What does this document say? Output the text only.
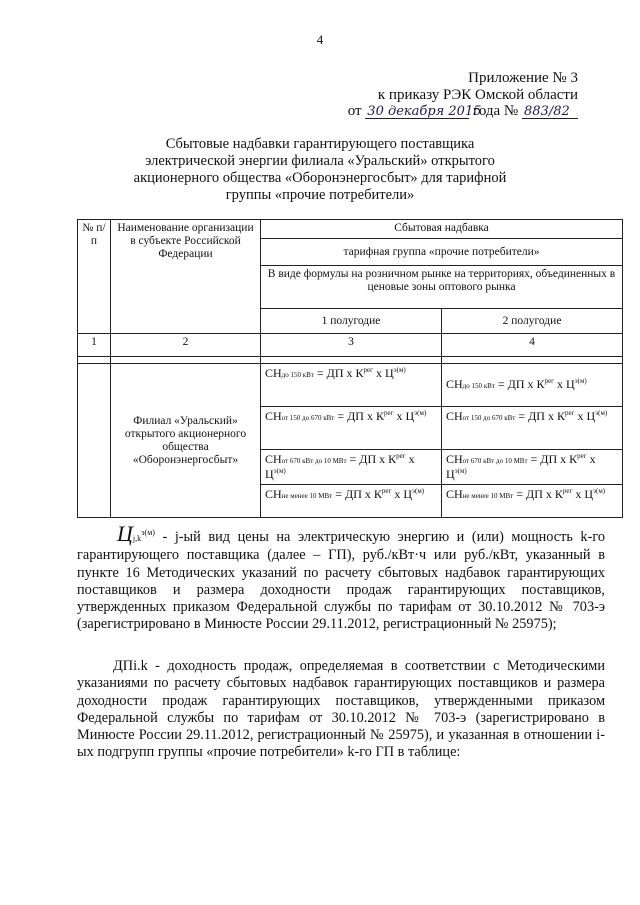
4
Приложение № 3
к приказу РЭК Омской области
от 30 декабря 2015 года № 883/82
Сбытовые надбавки гарантирующего поставщика электрической энергии филиала «Уральский» открытого акционерного общества «Оборонэнергосбыт» для тарифной группы «прочие потребители»
№ п/п	Наименование организации в субъекте Российской Федерации	Сбытовая надбавка	
		тарифная группа «прочие потребители»	
		В виде формулы на розничном рынке на территориях, объединенных в ценовые зоны оптового рынка	
		1 полугодие	2 полугодие
1	2	3	4

	Филиал «Уральский» открытого акционерного общества «Оборонэнергосбыт»	СНдо 150 кВт = ДП х $К^{рег}$ х $Ц^{э(м)}$	СНдо 150 кВт = ДП х $К^{рег}$ х $Ц^{э(м)}$
		СНот 150 до 670 кВт = ДП х $К^{рег}$ х $Ц^{э(м)}$	СНот 150 до 670 кВт = ДП х $К^{рег}$ х $Ц^{э(м)}$
		СНот 670 кВт до 10 МВт = ДП х $К^{рег}$ х $Ц^{э(м)}$	СНот 670 кВт до 10 МВт = ДП х $К^{рег}$ х $Ц^{э(м)}$
		СНне менее 10 МВт = ДП х $К^{рег}$ х $Ц^{э(м)}$	СНне менее 10 МВт = ДП х $К^{рег}$ х $Ц^{э(м)}$
$Цj,k^{э(м)} - j-ый$ вид цены на электрическую энергию и (или) мощность k-го гарантирующего поставщика (далее – ГП), руб./кВт·ч или руб./кВт, указанный в пункте 16 Методических указаний по расчету сбытовых надбавок гарантирующих поставщиков и размера доходности продаж гарантирующих поставщиков, утвержденных приказом Федеральной службы по тарифам от 30.10.2012 № 703-э (зарегистрировано в Минюсте России 29.11.2012, регистрационный № 25975);
ДПi.k - доходность продаж, определяемая в соответствии с Методическими указаниями по расчету сбытовых надбавок гарантирующих поставщиков и размера доходности продаж гарантирующих поставщиков, утвержденными приказом Федеральной службы по тарифам от 30.10.2012 № 703-э (зарегистрировано в Минюсте России 29.11.2012, регистрационный № 25975), и указанная в отношении i-ых подгрупп группы «прочие потребители» k-го ГП в таблице:
